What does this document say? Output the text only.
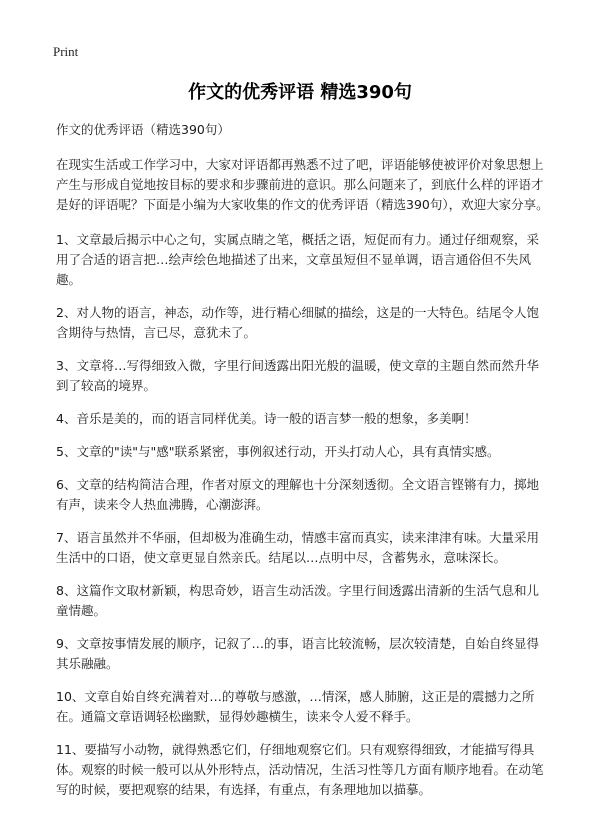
Print
作文的优秀评语 精选390句

作文的优秀评语（精选390句）

在现实生活或工作学习中，大家对评语都再熟悉不过了吧，评语能够使被评价对象思想上产生与形成自觉地按目标的要求和步骤前进的意识。那么问题来了，到底什么样的评语才是好的评语呢？下面是小编为大家收集的作文的优秀评语（精选390句），欢迎大家分享。

1、文章最后揭示中心之句，实属点睛之笔，概括之语，短促而有力。通过仔细观察，采用了合适的语言把…绘声绘色地描述了出来，文章虽短但不显单调，语言通俗但不失风趣。

2、对人物的语言，神态，动作等，进行精心细腻的描绘，这是的一大特色。结尾令人饱含期待与热情，言已尽，意犹未了。

3、文章将…写得细致入微，字里行间透露出阳光般的温暖，使文章的主题自然而然升华到了较高的境界。

4、音乐是美的，而的语言同样优美。诗一般的语言梦一般的想象，多美啊！

5、文章的"读"与"感"联系紧密，事例叙述行动，开头打动人心，具有真情实感。

6、文章的结构简洁合理，作者对原文的理解也十分深刻透彻。全文语言铿锵有力，掷地有声，读来令人热血沸腾，心潮澎湃。

7、语言虽然并不华丽，但却极为准确生动，情感丰富而真实，读来津津有味。大量采用生活中的口语，使文章更显自然亲氏。结尾以…点明中尽，含蓄隽永，意味深长。

8、这篇作文取材新颖，构思奇妙，语言生动活泼。字里行间透露出清新的生活气息和儿童情趣。

9、文章按事情发展的顺序，记叙了…的事，语言比较流畅，层次较清楚，自始自终显得其乐融融。

10、文章自始自终充满着对…的尊敬与感激，…情深，感人肺腑，这正是的震撼力之所在。通篇文章语调轻松幽默，显得妙趣横生，读来令人爱不释手。

11、要描写小动物，就得熟悉它们，仔细地观察它们。只有观察得细致，才能描写得具体。观察的时候一般可以从外形特点，活动情况，生活习性等几方面有顺序地看。在动笔写的时候，要把观察的结果，有选择，有重点，有条理地加以描摹。
